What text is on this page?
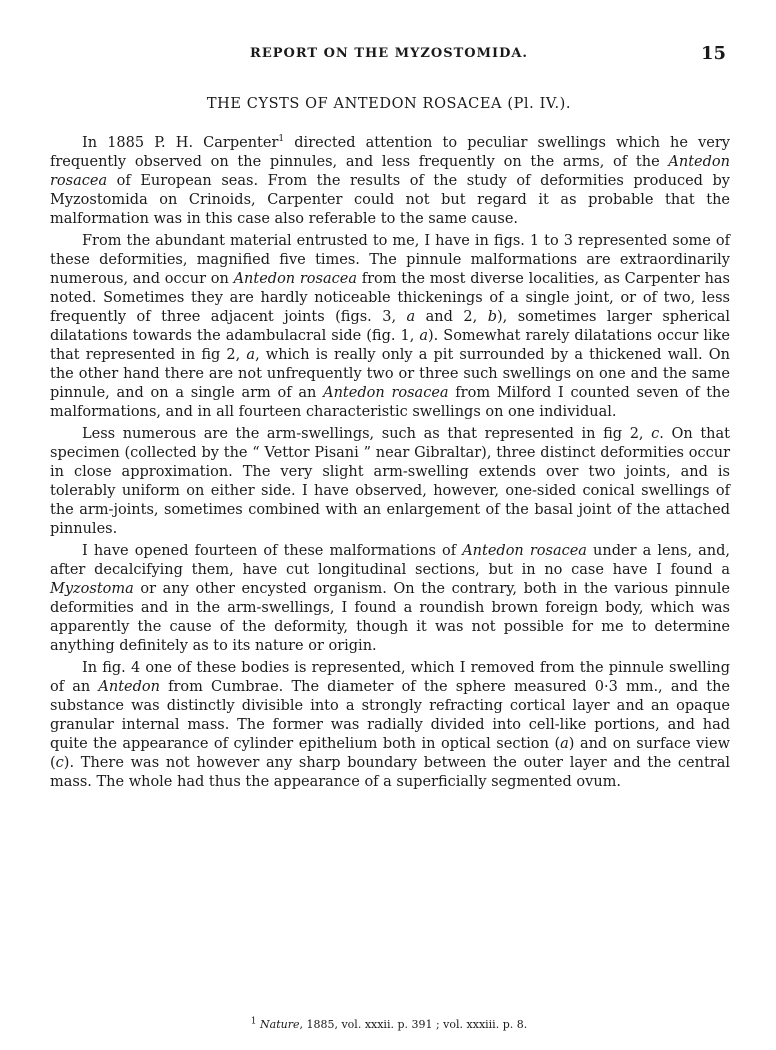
REPORT ON THE MYZOSTOMIDA.	15
THE CYSTS OF ANTEDON ROSACEA (Pl. IV.).

In 1885 P. H. Carpenter$^1$ directed attention to peculiar swellings which he very frequently observed on the pinnules, and less frequently on the arms, of the Antedon rosacea of European seas. From the results of the study of deformities produced by Myzostomida on Crinoids, Carpenter could not but regard it as probable that the malformation was in this case also referable to the same cause.

From the abundant material entrusted to me, I have in figs. 1 to 3 represented some of these deformities, magnified five times. The pinnule malformations are extraordinarily numerous, and occur on Antedon rosacea from the most diverse localities, as Carpenter has noted. Sometimes they are hardly noticeable thickenings of a single joint, or of two, less frequently of three adjacent joints (figs. 3, a and 2, b), sometimes larger spherical dilatations towards the adambulacral side (fig. 1, a). Somewhat rarely dilatations occur like that represented in fig 2, a, which is really only a pit surrounded by a thickened wall. On the other hand there are not unfrequently two or three such swellings on one and the same pinnule, and on a single arm of an Antedon rosacea from Milford I counted seven of the malformations, and in all fourteen characteristic swellings on one individual.

Less numerous are the arm-swellings, such as that represented in fig 2, c. On that specimen (collected by the “ Vettor Pisani ” near Gibraltar), three distinct deformities occur in close approximation. The very slight arm-swelling extends over two joints, and is tolerably uniform on either side. I have observed, however, one-sided conical swellings of the arm-joints, sometimes combined with an enlargement of the basal joint of the attached pinnules.

I have opened fourteen of these malformations of Antedon rosacea under a lens, and, after decalcifying them, have cut longitudinal sections, but in no case have I found a Myzostoma or any other encysted organism. On the contrary, both in the various pinnule deformities and in the arm-swellings, I found a roundish brown foreign body, which was apparently the cause of the deformity, though it was not possible for me to determine anything definitely as to its nature or origin.

In fig. 4 one of these bodies is represented, which I removed from the pinnule swelling of an Antedon from Cumbrae. The diameter of the sphere measured 0·3 mm., and the substance was distinctly divisible into a strongly refracting cortical layer and an opaque granular internal mass. The former was radially divided into cell-like portions, and had quite the appearance of cylinder epithelium both in optical section (a) and on surface view (c). There was not however any sharp boundary between the outer layer and the central mass. The whole had thus the appearance of a superficially segmented ovum.

$^1$ Nature, 1885, vol. xxxii. p. 391 ; vol. xxxiii. p. 8.
